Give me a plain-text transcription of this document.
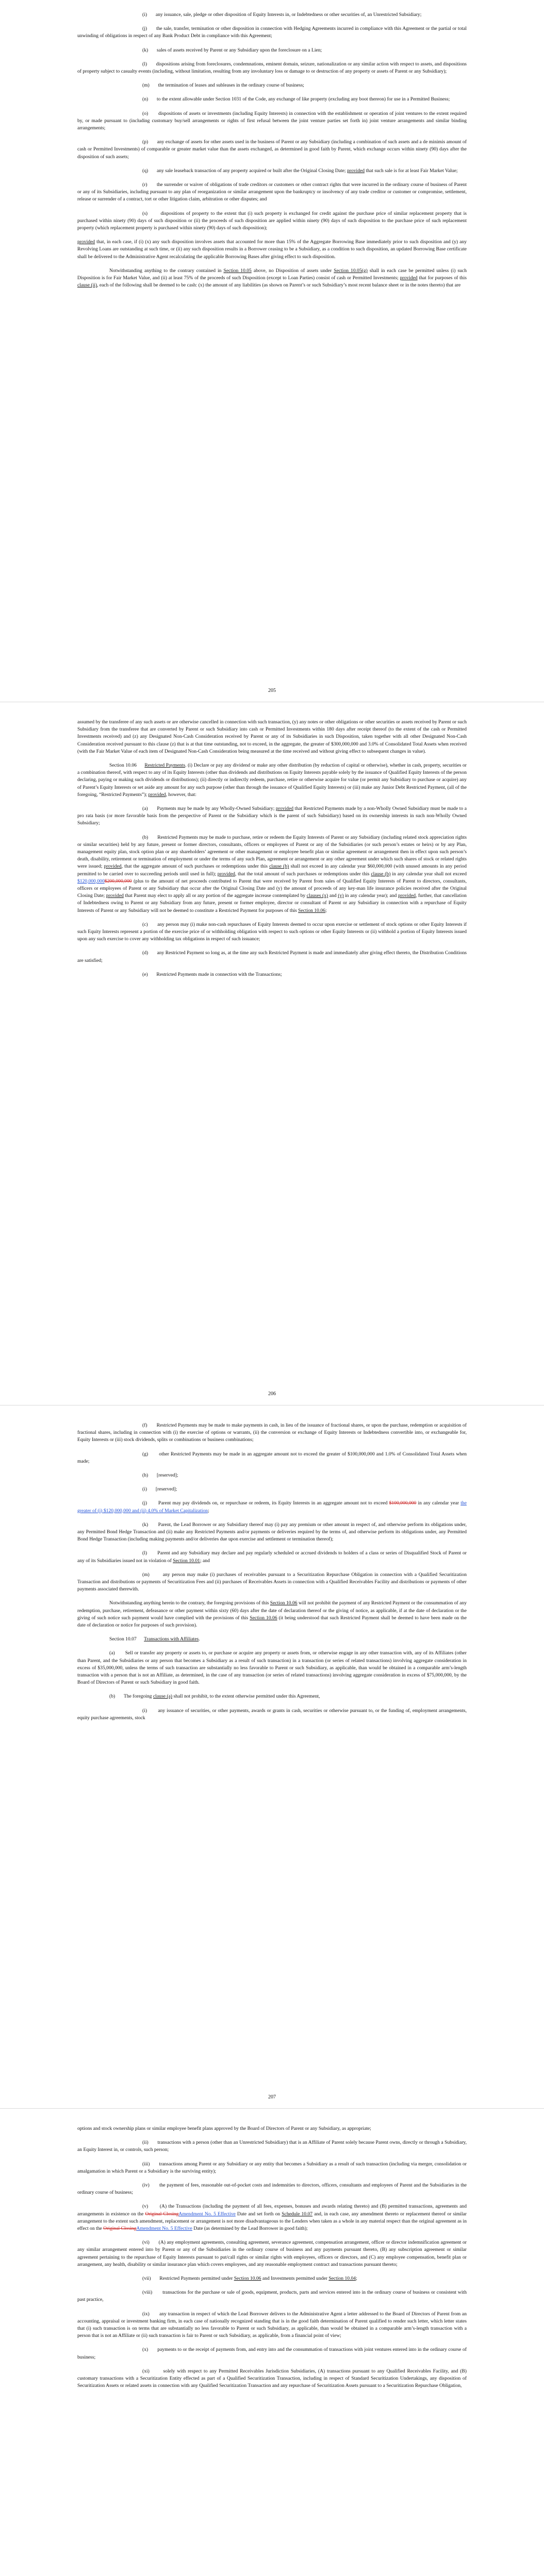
(i)       any issuance, sale, pledge or other disposition of Equity Interests in, or Indebtedness or other securities of, an Unrestricted Subsidiary;

(j)       the sale, transfer, termination or other disposition in connection with Hedging Agreements incurred in compliance with this Agreement or the partial or total unwinding of obligations in respect of any Bank Product Debt in compliance with this Agreement;

(k)       sales of assets received by Parent or any Subsidiary upon the foreclosure on a Lien;

(l)       dispositions arising from foreclosures, condemnations, eminent domain, seizure, nationalization or any similar action with respect to assets, and dispositions of property subject to casualty events (including, without limitation, resulting from any involuntary loss or damage to or destruction of any property or assets of Parent or any Subsidiary);

(m)       the termination of leases and subleases in the ordinary course of business;

(n)       to the extent allowable under Section 1031 of the Code, any exchange of like property (excluding any boot thereon) for use in a Permitted Business;

(o)       dispositions of assets or investments (including Equity Interests) in connection with the establishment or operation of joint ventures to the extent required by, or made pursuant to (including customary buy/sell arrangements or rights of first refusal between the joint venture parties set forth in) joint venture arrangements and similar binding arrangements;

(p)       any exchange of assets for other assets used in the business of Parent or any Subsidiary (including a combination of such assets and a de minimis amount of cash or Permitted Investments) of comparable or greater market value than the assets exchanged, as determined in good faith by Parent, which exchange occurs within ninety (90) days after the disposition of such assets;

(q)       any sale leaseback transaction of any property acquired or built after the Original Closing Date; provided that such sale is for at least Fair Market Value;

(r)       the surrender or waiver of obligations of trade creditors or customers or other contract rights that were incurred in the ordinary course of business of Parent or any of its Subsidiaries, including pursuant to any plan of reorganization or similar arrangement upon the bankruptcy or insolvency of any trade creditor or customer or compromise, settlement, release or surrender of a contract, tort or other litigation claim, arbitration or other disputes; and

(s)       dispositions of property to the extent that (i) such property is exchanged for credit against the purchase price of similar replacement property that is purchased within ninety (90) days of such disposition or (ii) the proceeds of such disposition are applied within ninety (90) days of such disposition to the purchase price of such replacement property (which replacement property is purchased within ninety (90) days of such disposition);

provided that, in each case, if (i) (x) any such disposition involves assets that accounted for more than 15% of the Aggregate Borrowing Base immediately prior to such disposition and (y) any Revolving Loans are outstanding at such time, or (ii) any such disposition results in a Borrower ceasing to be a Subsidiary, as a condition to such disposition, an updated Borrowing Base certificate shall be delivered to the Administrative Agent recalculating the applicable Borrowing Bases after giving effect to such disposition.

Notwithstanding anything to the contrary contained in Section 10.05 above, no Disposition of assets under Section 10.05(g) shall in each case be permitted unless (i) such Disposition is for Fair Market Value, and (ii) at least 75% of the proceeds of such Disposition (except to Loan Parties) consist of cash or Permitted Investments; provided that for purposes of this clause (ii), each of the following shall be deemed to be cash: (x) the amount of any liabilities (as shown on Parent’s or such Subsidiary’s most recent balance sheet or in the notes thereto) that are

205

assumed by the transferee of any such assets or are otherwise cancelled in connection with such transaction, (y) any notes or other obligations or other securities or assets received by Parent or such Subsidiary from the transferee that are converted by Parent or such Subsidiary into cash or Permitted Investments within 180 days after receipt thereof (to the extent of the cash or Permitted Investments received) and (z) any Designated Non-Cash Consideration received by Parent or any of its Subsidiaries in such Disposition, taken together with all other Designated Non-Cash Consideration received pursuant to this clause (z) that is at that time outstanding, not to exceed, in the aggregate, the greater of $300,000,000 and 3.0% of Consolidated Total Assets when received (with the Fair Market Value of each item of Designated Non-Cash Consideration being measured at the time received and without giving effect to subsequent changes in value).

Section 10.06      Restricted Payments. (i) Declare or pay any dividend or make any other distribution (by reduction of capital or otherwise), whether in cash, property, securities or a combination thereof, with respect to any of its Equity Interests (other than dividends and distributions on Equity Interests payable solely by the issuance of Qualified Equity Interests of the person declaring, paying or making such dividends or distributions); (ii) directly or indirectly redeem, purchase, retire or otherwise acquire for value (or permit any Subsidiary to purchase or acquire) any of Parent’s Equity Interests or set aside any amount for any such purpose (other than through the issuance of Qualified Equity Interests) or (iii) make any Junior Debt Restricted Payment, (all of the foregoing, “Restricted Payments”); provided, however, that:

(a)       Payments may be made by any Wholly-Owned Subsidiary; provided that Restricted Payments made by a non-Wholly Owned Subsidiary must be made to a pro rata basis (or more favorable basis from the perspective of Parent or the Subsidiary which is the parent of such Subsidiary) based on its ownership interests in such non-Wholly Owned Subsidiary;

(b)       Restricted Payments may be made to purchase, retire or redeem the Equity Interests of Parent or any Subsidiary (including related stock appreciation rights or similar securities) held by any future, present or former directors, consultants, officers or employees of Parent or any of the Subsidiaries (or such person’s estates or heirs) or by any Plan, management equity plan, stock option plan or any shareholders’ agreement or other management or employee benefit plan or similar agreement or arrangement then in effect upon such person’s death, disability, retirement or termination of employment or under the terms of any such Plan, agreement or arrangement or any other agreement under which such shares of stock or related rights were issued; provided, that the aggregate amount of such purchases or redemptions under this clause (b) shall not exceed in any calendar year $60,000,000 (with unused amounts in any period permitted to be carried over to succeeding periods until used in full); provided, that the total amount of such purchases or redemptions under this clause (b) in any calendar year shall not exceed $120,000,000$200,000,000 (plus to the amount of net proceeds contributed to Parent that were received by Parent from sales of Qualified Equity Interests of Parent to directors, consultants, officers or employees of Parent or any Subsidiary that occur after the Original Closing Date and (y) the amount of proceeds of any key-man life insurance policies received after the Original Closing Date; provided that Parent may elect to apply all or any portion of the aggregate increase contemplated by clauses (x) and (y) in any calendar year); and provided, further, that cancellation of Indebtedness owing to Parent or any Subsidiary from any future, present or former employee, director or consultant of Parent or any Subsidiary in connection with a repurchase of Equity Interests of Parent or any Subsidiary will not be deemed to constitute a Restricted Payment for purposes of this Section 10.06;

(c)       any person may (i) make non-cash repurchases of Equity Interests deemed to occur upon exercise or settlement of stock options or other Equity Interests if such Equity Interests represent a portion of the exercise price of or withholding obligation with respect to such options or other Equity Interests or (ii) withhold a portion of Equity Interests issued upon any such exercise to cover any withholding tax obligations in respect of such issuance;

(d)       any Restricted Payment so long as, at the time any such Restricted Payment is made and immediately after giving effect thereto, the Distribution Conditions are satisfied;

(e)       Restricted Payments made in connection with the Transactions;

206

(f)       Restricted Payments may be made to make payments in cash, in lieu of the issuance of fractional shares, or upon the purchase, redemption or acquisition of fractional shares, including in connection with (i) the exercise of options or warrants, (ii) the conversion or exchange of Equity Interests or Indebtedness convertible into, or exchangeable for, Equity Interests or (iii) stock dividends, splits or combinations or business combinations;

(g)       other Restricted Payments may be made in an aggregate amount not to exceed the greater of $100,000,000 and 1.0% of Consolidated Total Assets when made;

(h)       [reserved];

(i)       [reserved];

(j)       Parent may pay dividends on, or repurchase or redeem, its Equity Interests in an aggregate amount not to exceed $100,000,000 in any calendar year the greater of (i) $120,000,000 and (ii) 4.0% of Market Capitalization;

(k)       Parent, the Lead Borrower or any Subsidiary thereof may (i) pay any premium or other amount in respect of, and otherwise perform its obligations under, any Permitted Bond Hedge Transaction and (ii) make any Restricted Payments and/or payments or deliveries required by the terms of, and otherwise perform its obligations under, any Permitted Bond Hedge Transaction (including making payments and/or deliveries due upon exercise and settlement or termination thereof);

(l)       Parent and any Subsidiary may declare and pay regularly scheduled or accrued dividends to holders of a class or series of Disqualified Stock of Parent or any of its Subsidiaries issued not in violation of Section 10.01; and

(m)       any person may make (i) purchases of receivables pursuant to a Securitization Repurchase Obligation in connection with a Qualified Securitization Transaction and distributions or payments of Securitization Fees and (ii) purchases of Receivables Assets in connection with a Qualified Receivables Facility and distributions or payments of other payments associated therewith.

Notwithstanding anything herein to the contrary, the foregoing provisions of this Section 10.06 will not prohibit the payment of any Restricted Payment or the consummation of any redemption, purchase, retirement, defeasance or other payment within sixty (60) days after the date of declaration thereof or the giving of notice, as applicable, if at the date of declaration or the giving of such notice such payment would have complied with the provisions of this Section 10.06 (it being understood that such Restricted Payment shall be deemed to have been made on the date of declaration or notice for purposes of such provision).

Section 10.07      Transactions with Affiliates.

(a)       Sell or transfer any property or assets to, or purchase or acquire any property or assets from, or otherwise engage in any other transaction with, any of its Affiliates (other than Parent, and the Subsidiaries or any person that becomes a Subsidiary as a result of such transaction) in a transaction (or series of related transactions) involving aggregate consideration in excess of $35,000,000, unless the terms of such transaction are substantially no less favorable to Parent or such Subsidiary, as applicable, than would be obtained in a comparable arm’s-length transaction with a person that is not an Affiliate, as determined, in the case of any transaction (or series of related transactions) involving aggregate consideration in excess of $75,000,000, by the Board of Directors of Parent or such Subsidiary in good faith.

(b)       The foregoing clause (a) shall not prohibit, to the extent otherwise permitted under this Agreement,

(i)       any issuance of securities, or other payments, awards or grants in cash, securities or otherwise pursuant to, or the funding of, employment arrangements, equity purchase agreements, stock

207

options and stock ownership plans or similar employee benefit plans approved by the Board of Directors of Parent or any Subsidiary, as appropriate;

(ii)       transactions with a person (other than an Unrestricted Subsidiary) that is an Affiliate of Parent solely because Parent owns, directly or through a Subsidiary, an Equity Interest in, or controls, such person;

(iii)       transactions among Parent or any Subsidiary or any entity that becomes a Subsidiary as a result of such transaction (including via merger, consolidation or amalgamation in which Parent or a Subsidiary is the surviving entity);

(iv)       the payment of fees, reasonable out-of-pocket costs and indemnities to directors, officers, consultants and employees of Parent and the Subsidiaries in the ordinary course of business;

(v)       (A) the Transactions (including the payment of all fees, expenses, bonuses and awards relating thereto) and (B) permitted transactions, agreements and arrangements in existence on the Original ClosingAmendment No. 5 Effective Date and set forth on Schedule 10.07 and, in each case, any amendment thereto or replacement thereof or similar arrangement to the extent such amendment, replacement or arrangement is not more disadvantageous to the Lenders when taken as a whole in any material respect than the original agreement as in effect on the Original ClosingAmendment No. 5 Effective Date (as determined by the Lead Borrower in good faith);

(vi)       (A) any employment agreements, consulting agreement, severance agreement, compensation arrangement, officer or director indemnification agreement or any similar arrangement entered into by Parent or any of the Subsidiaries in the ordinary course of business and any payments pursuant thereto, (B) any subscription agreement or similar agreement pertaining to the repurchase of Equity Interests pursuant to put/call rights or similar rights with employees, officers or directors, and (C) any employee compensation, benefit plan or arrangement, any health, disability or similar insurance plan which covers employees, and any reasonable employment contract and transactions pursuant thereto;

(vii)       Restricted Payments permitted under Section 10.06 and Investments permitted under Section 10.04;

(viii)       transactions for the purchase or sale of goods, equipment, products, parts and services entered into in the ordinary course of business or consistent with past practice,

(ix)       any transaction in respect of which the Lead Borrower delivers to the Administrative Agent a letter addressed to the Board of Directors of Parent from an accounting, appraisal or investment banking firm, in each case of nationally recognized standing that is in the good faith determination of Parent qualified to render such letter, which letter states that (i) such transaction is on terms that are substantially no less favorable to Parent or such Subsidiary, as applicable, than would be obtained in a comparable arm’s-length transaction with a person that is not an Affiliate or (ii) such transaction is fair to Parent or such Subsidiary, as applicable, from a financial point of view;

(x)       payments to or the receipt of payments from, and entry into and the consummation of transactions with joint ventures entered into in the ordinary course of business;

(xi)       solely with respect to any Permitted Receivables Jurisdiction Subsidiaries, (A) transactions pursuant to any Qualified Receivables Facility, and (B) customary transactions with a Securitization Entity effected as part of a Qualified Securitization Transaction, including in respect of Standard Securitization Undertakings, any disposition of Securitization Assets or related assets in connection with any Qualified Securitization Transaction and any repurchase of Securitization Assets pursuant to a Securitization Repurchase Obligation,
